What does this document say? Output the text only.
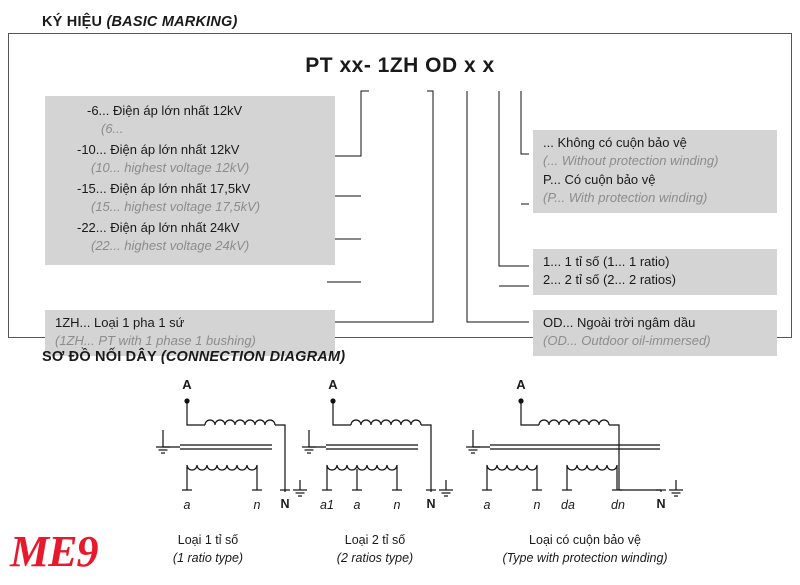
KÝ HIỆU (BASIC MARKING)
PT xx- 1ZH OD x x
-6... Điện áp lớn nhất 12kV
(6...
-10... Điện áp lớn nhất 12kV
(10... highest voltage 12kV)
-15... Điện áp lớn nhất 17,5kV
(15... highest voltage 17,5kV)
-22... Điện áp lớn nhất 24kV
(22... highest voltage 24kV)
1ZH... Loại 1 pha 1 sứ
(1ZH... PT with 1 phase 1 bushing)
... Không có cuộn bảo vệ
(... Without protection winding)
P... Có cuộn bảo vệ
(P... With protection winding)
1... 1 tỉ số (1... 1 ratio)
2... 2 tỉ số (2... 2 ratios)
OD... Ngoài trời ngâm dầu
(OD... Outdoor oil-immersed)
SƠ ĐỒ NỐI DÂY (CONNECTION DIAGRAM)
A
a	n	N
Loại 1 tỉ số
(1 ratio type)
A
a1	a	n	N
Loại 2 tỉ số
(2 ratios type)
A
a	n	da	dn	N
Loại có cuộn bảo vệ
(Type with protection winding)
ME9
